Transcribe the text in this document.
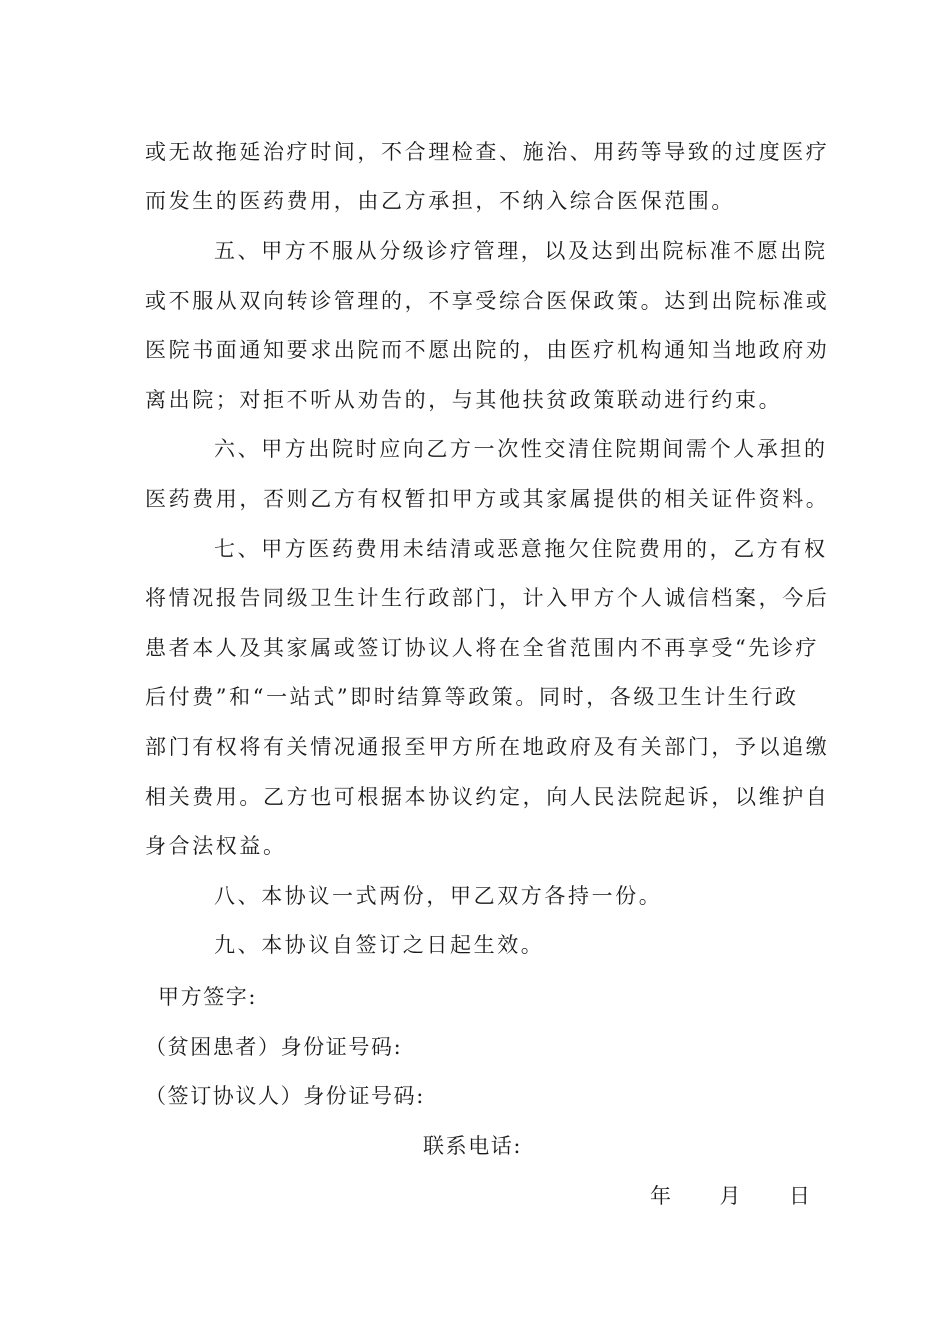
或无故拖延治疗时间，不合理检查、施治、用药等导致的过度医疗
而发生的医药费用，由乙方承担，不纳入综合医保范围。
五、甲方不服从分级诊疗管理，以及达到出院标准不愿出院
或不服从双向转诊管理的，不享受综合医保政策。达到出院标准或
医院书面通知要求出院而不愿出院的，由医疗机构通知当地政府劝
离出院；对拒不听从劝告的，与其他扶贫政策联动进行约束。
六、甲方出院时应向乙方一次性交清住院期间需个人承担的
医药费用，否则乙方有权暂扣甲方或其家属提供的相关证件资料。
七、甲方医药费用未结清或恶意拖欠住院费用的，乙方有权
将情况报告同级卫生计生行政部门，计入甲方个人诚信档案，今后
患者本人及其家属或签订协议人将在全省范围内不再享受“先诊疗
后付费”和“一站式”即时结算等政策。同时，各级卫生计生行政
部门有权将有关情况通报至甲方所在地政府及有关部门，予以追缴
相关费用。乙方也可根据本协议约定，向人民法院起诉，以维护自
身合法权益。
八、本协议一式两份，甲乙双方各持一份。
九、本协议自签订之日起生效。
甲方签字:
（贫困患者）身份证号码:
（签订协议人）身份证号码:
联系电话:
年 月 日
